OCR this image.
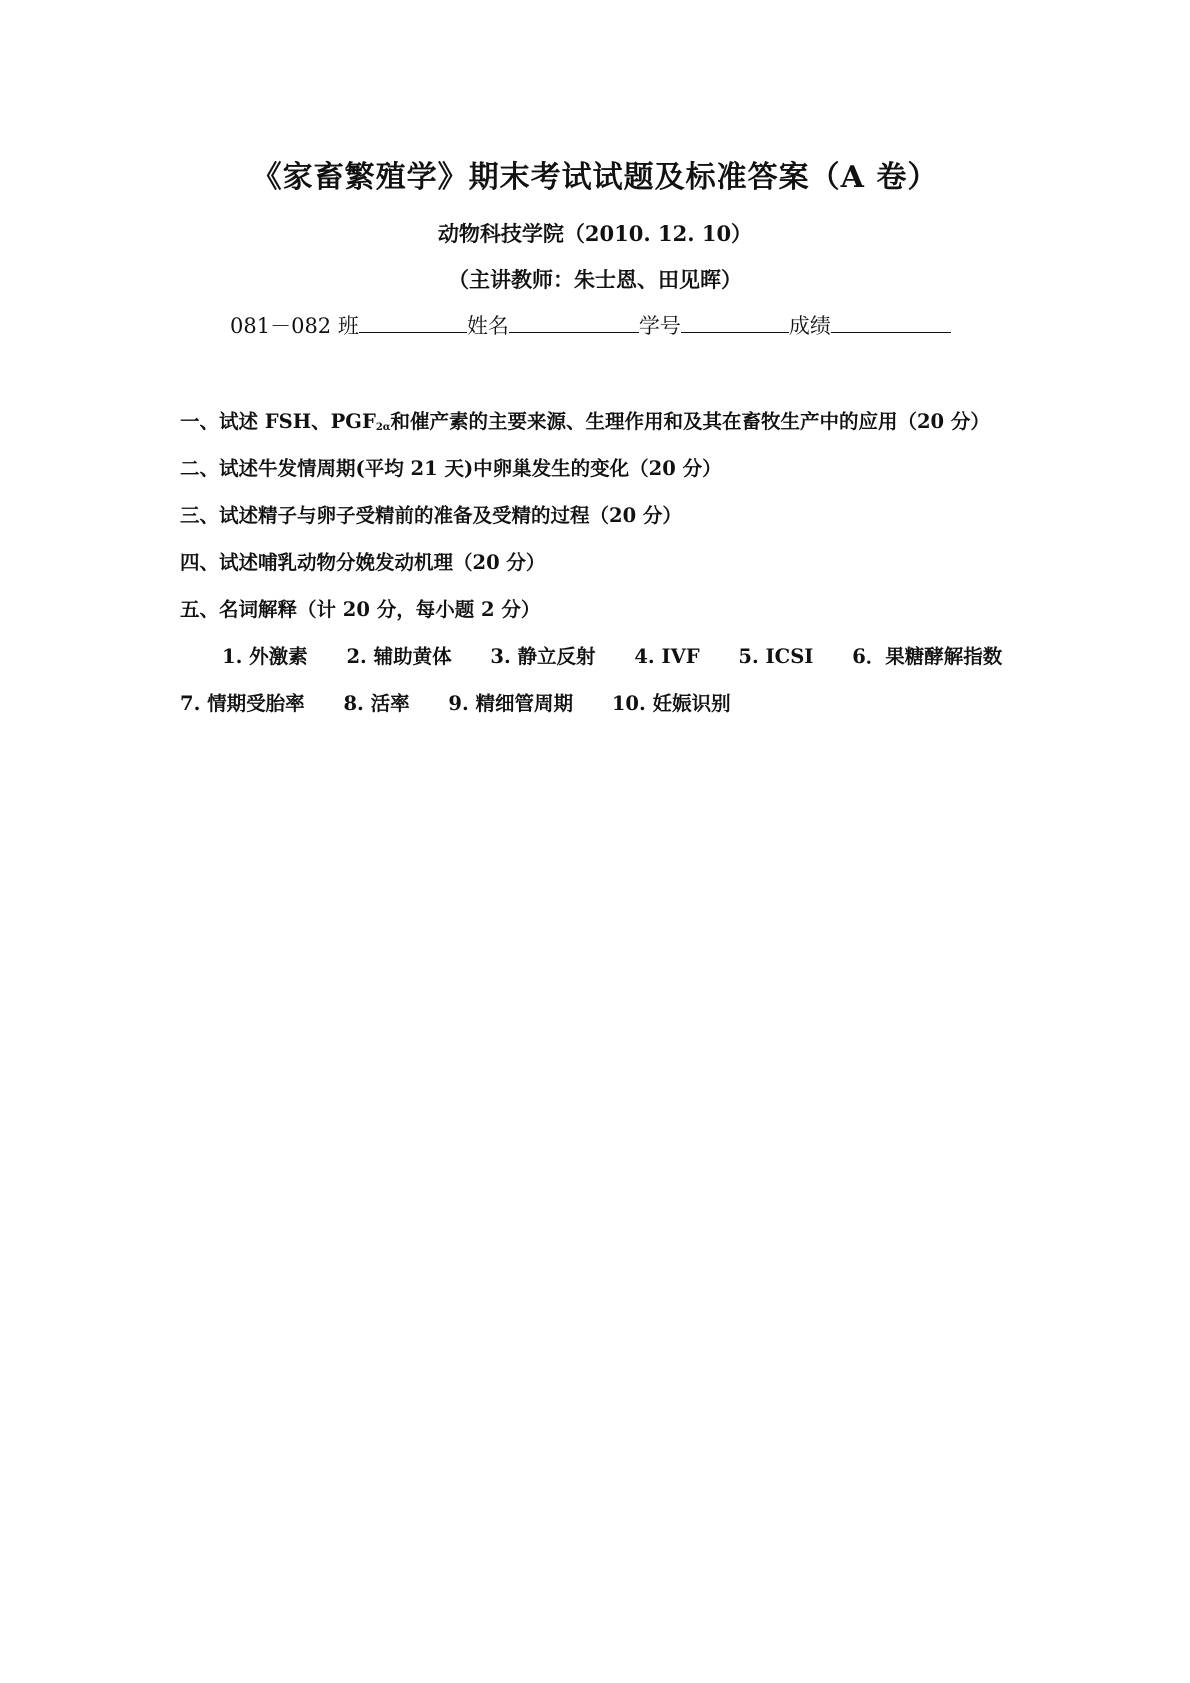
《家畜繁殖学》期末考试试题及标准答案（A 卷）
动物科技学院（2010. 12. 10）
（主讲教师：朱士恩、田见晖）
081－082 班	姓名	学号	成绩
一、试述 FSH、$PGF_{2\alpha}$和催产素的主要来源、生理作用和及其在畜牧生产中的应用（20 分）
二、试述牛发情周期(平均 21 天)中卵巢发生的变化（20 分）
三、试述精子与卵子受精前的准备及受精的过程（20 分）
四、试述哺乳动物分娩发动机理（20 分）
五、名词解释（计 20 分，每小题 2 分）
1. 外激素 2. 辅助黄体 3. 静立反射 4. IVF 5. ICSI 6．果糖酵解指数
7. 情期受胎率 8. 活率 9. 精细管周期 10. 妊娠识别
